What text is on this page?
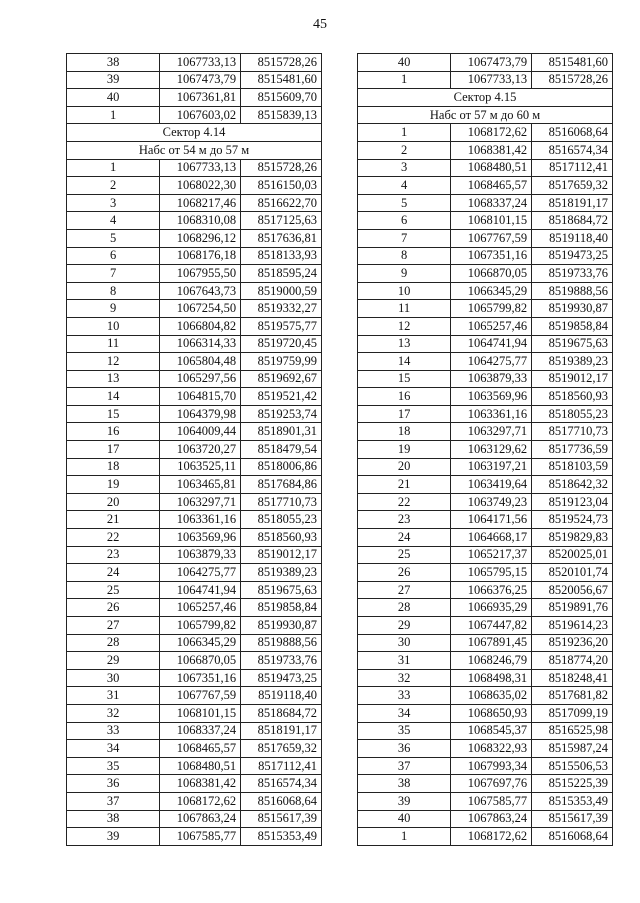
45
38	1067733,13	8515728,26
39	1067473,79	8515481,60
40	1067361,81	8515609,70
1	1067603,02	8515839,13
Сектор 4.14		
Набс от 54 м до 57 м		
1	1067733,13	8515728,26
2	1068022,30	8516150,03
3	1068217,46	8516622,70
4	1068310,08	8517125,63
5	1068296,12	8517636,81
6	1068176,18	8518133,93
7	1067955,50	8518595,24
8	1067643,73	8519000,59
9	1067254,50	8519332,27
10	1066804,82	8519575,77
11	1066314,33	8519720,45
12	1065804,48	8519759,99
13	1065297,56	8519692,67
14	1064815,70	8519521,42
15	1064379,98	8519253,74
16	1064009,44	8518901,31
17	1063720,27	8518479,54
18	1063525,11	8518006,86
19	1063465,81	8517684,86
20	1063297,71	8517710,73
21	1063361,16	8518055,23
22	1063569,96	8518560,93
23	1063879,33	8519012,17
24	1064275,77	8519389,23
25	1064741,94	8519675,63
26	1065257,46	8519858,84
27	1065799,82	8519930,87
28	1066345,29	8519888,56
29	1066870,05	8519733,76
30	1067351,16	8519473,25
31	1067767,59	8519118,40
32	1068101,15	8518684,72
33	1068337,24	8518191,17
34	1068465,57	8517659,32
35	1068480,51	8517112,41
36	1068381,42	8516574,34
37	1068172,62	8516068,64
38	1067863,24	8515617,39
39	1067585,77	8515353,49
40	1067473,79	8515481,60
1	1067733,13	8515728,26
Сектор 4.15		
Набс от 57 м до 60 м		
1	1068172,62	8516068,64
2	1068381,42	8516574,34
3	1068480,51	8517112,41
4	1068465,57	8517659,32
5	1068337,24	8518191,17
6	1068101,15	8518684,72
7	1067767,59	8519118,40
8	1067351,16	8519473,25
9	1066870,05	8519733,76
10	1066345,29	8519888,56
11	1065799,82	8519930,87
12	1065257,46	8519858,84
13	1064741,94	8519675,63
14	1064275,77	8519389,23
15	1063879,33	8519012,17
16	1063569,96	8518560,93
17	1063361,16	8518055,23
18	1063297,71	8517710,73
19	1063129,62	8517736,59
20	1063197,21	8518103,59
21	1063419,64	8518642,32
22	1063749,23	8519123,04
23	1064171,56	8519524,73
24	1064668,17	8519829,83
25	1065217,37	8520025,01
26	1065795,15	8520101,74
27	1066376,25	8520056,67
28	1066935,29	8519891,76
29	1067447,82	8519614,23
30	1067891,45	8519236,20
31	1068246,79	8518774,20
32	1068498,31	8518248,41
33	1068635,02	8517681,82
34	1068650,93	8517099,19
35	1068545,37	8516525,98
36	1068322,93	8515987,24
37	1067993,34	8515506,53
38	1067697,76	8515225,39
39	1067585,77	8515353,49
40	1067863,24	8515617,39
1	1068172,62	8516068,64
